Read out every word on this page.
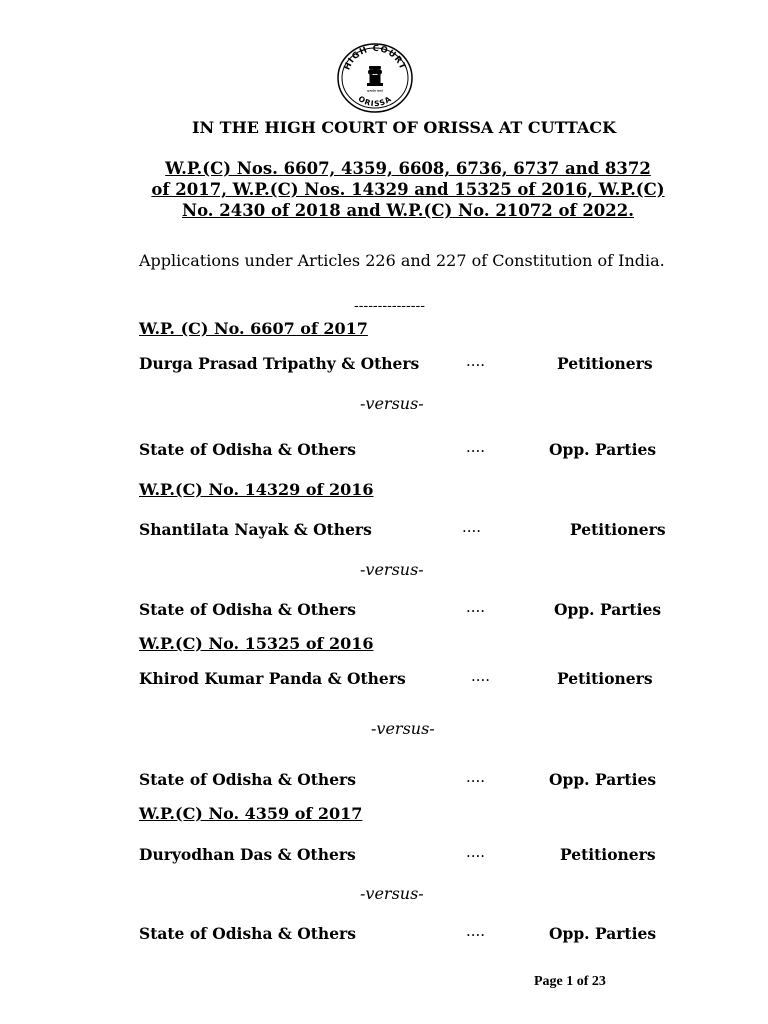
HIGH COURT
ORISSA
सत्यमेव जयते
IN THE HIGH COURT OF ORISSA AT CUTTACK
W.P.(C) Nos. 6607, 4359, 6608, 6736, 6737 and 8372
of 2017, W.P.(C) Nos. 14329 and 15325 of 2016, W.P.(C)
No. 2430 of 2018 and W.P.(C) No. 21072 of 2022.
Applications under Articles 226 and 227 of Constitution of India.
---------------
W.P. (C) No. 6607 of 2017
Durga Prasad Tripathy & Others	....	Petitioners
-versus-
State of Odisha & Others	....	Opp. Parties
W.P.(C) No. 14329 of 2016
Shantilata Nayak & Others	....	Petitioners
-versus-
State of Odisha & Others	....	Opp. Parties
W.P.(C) No. 15325 of 2016
Khirod Kumar Panda & Others	....	Petitioners
-versus-
State of Odisha & Others	....	Opp. Parties
W.P.(C) No. 4359 of 2017
Duryodhan Das & Others	....	Petitioners
-versus-
State of Odisha & Others	....	Opp. Parties
Page 1 of 23
